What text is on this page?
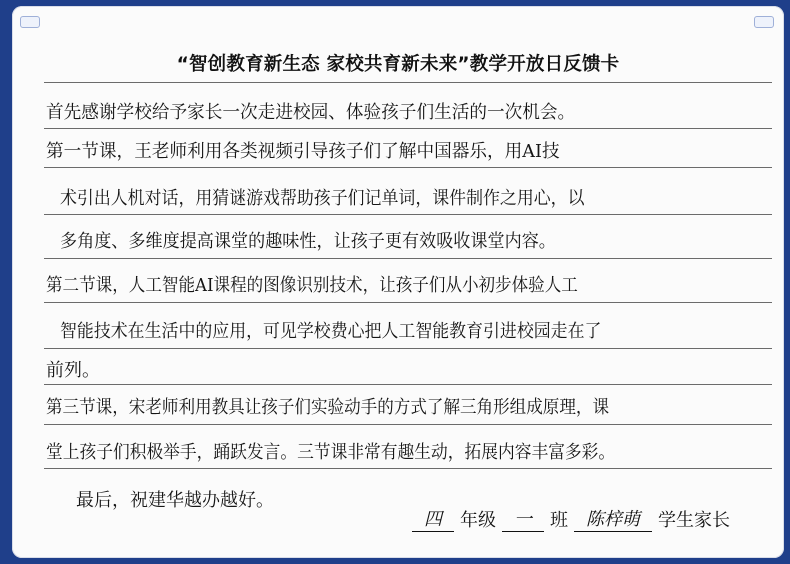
“智创教育新生态 家校共育新未来”教学开放日反馈卡
首先感谢学校给予家长一次走进校园、体验孩子们生活的一次机会。
第一节课，王老师利用各类视频引导孩子们了解中国器乐，用AI技
术引出人机对话，用猜谜游戏帮助孩子们记单词，课件制作之用心，以
多角度、多维度提高课堂的趣味性，让孩子更有效吸收课堂内容。
第二节课，人工智能AI课程的图像识别技术，让孩子们从小初步体验人工
智能技术在生活中的应用，可见学校费心把人工智能教育引进校园走在了
前列。
第三节课，宋老师利用教具让孩子们实验动手的方式了解三角形组成原理，课
堂上孩子们积极举手，踊跃发言。三节课非常有趣生动，拓展内容丰富多彩。
最后，祝建华越办越好。
四	年级	一	班	陈梓萌	学生家长
